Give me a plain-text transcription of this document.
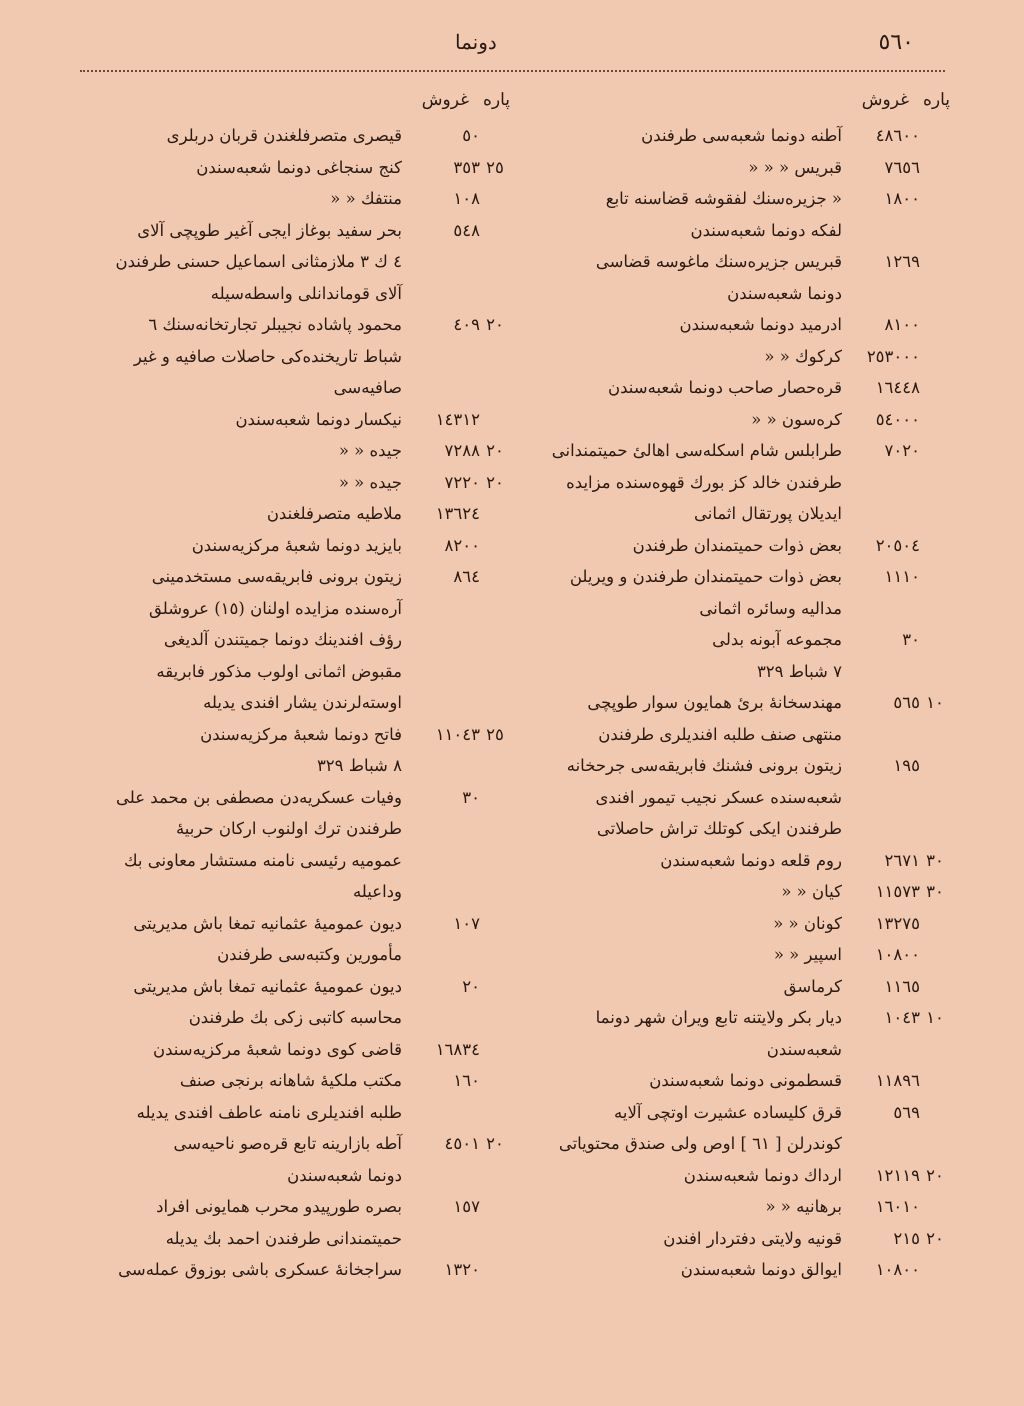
٥٦٠
دونما
پاره
غروش
٤٨٦٠٠آطنه دونما شعبه‌سی طرفندن
٧٦٥٦قبریس « « «
١٨٠٠« جزیره‌سنك لفقوشه قضاسنه تابع
لفكه دونما شعبه‌سندن
١٢٦٩قبریس جزیره‌سنك ماغوسه قضاسی
دونما شعبه‌سندن
٨١٠٠ادرمید دونما شعبه‌سندن
٢٥٣٠٠٠كركوك « «
١٦٤٤٨قره‌حصار صاحب دونما شعبه‌سندن
٥٤٠٠٠كره‌سون « «
٧٠٢٠طرابلس شام اسكله‌سی اهالیٔ حمیتمندانی
طرفندن خالد كز بورك قهوه‌سنده مزایده
ایدیلان پورتقال اثمانی
٢٠٥٠٤بعض ذوات حمیتمندان طرفندن
١١١٠بعض ذوات حمیتمندان طرفندن و ویریلن
مدالیه وسائره اثمانی
٣٠مجموعه آبونه بدلی
٧ شباط ٣٢٩
١٠٥٦٥مهندسخانهٔ بریٔ همایون سوار طوپچی
منتهی صنف طلبه افندیلری طرفندن
١٩٥زیتون برونی فشنك فابریقه‌سی جرحخانه
شعبه‌سنده عسكر نجیب تیمور افندی
طرفندن ایكی كوتلك تراش حاصلاتی
٣٠٢٦٧١روم قلعه دونما شعبه‌سندن
٣٠١١٥٧٣كیان « «
١٣٢٧٥كونان « «
١٠٨٠٠اسپیر « «
١١٦٥كرماسق
١٠١٠٤٣دیار بكر ولایتنه تابع ویران شهر دونما
شعبه‌سندن
١١٨٩٦قسطمونی دونما شعبه‌سندن
٥٦٩قرق كلیساده عشیرت اوتچی آلایه
كوندرلن [ ٦١ ] اوص ولی صندق محتویاتی
٢٠١٢١١٩ارداك دونما شعبه‌سندن
١٦٠١٠برهانیه « «
٢٠٢١٥قونیه ولایتی دفتردار افندن
١٠٨٠٠ایوالق دونما شعبه‌سندن
پاره
غروش
٥٠قیصری متصرفلغندن قربان دربلری
٢٥٣٥٣كنج سنجاغی دونما شعبه‌سندن
١٠٨منتفك « «
٥٤٨بحر سفید بوغاز ایجی آغیر طوپچی آلای
٤ ك ٣ ملازمثانی اسماعیل حسنی طرفندن
آلای قوماندانلی واسطه‌سیله
٢٠٤٠٩محمود پاشاده نجیبلر تجارتخانه‌سنك ٦
شباط تاریخنده‌كی حاصلات صافیه و غیر
صافیه‌سی
١٤٣١٢نیكسار دونما شعبه‌سندن
٢٠٧٢٨٨جیده « «
٢٠٧٢٢٠جیده « «
١٣٦٢٤ملاطیه متصرفلغندن
٨٢٠٠بایزید دونما شعبهٔ مركزیه‌سندن
٨٦٤زیتون برونی فابریقه‌سی مستخدمینی
آره‌سنده مزایده اولنان (١٥) عروشلق
رؤف افندینك دونما جمیتندن آلدیغی
مقبوض اثمانی اولوب مذكور فابریقه
اوسته‌لرندن یشار افندی یدیله
٢٥١١٠٤٣فاتح دونما شعبهٔ مركزیه‌سندن
٨ شباط ٣٢٩
٣٠وفیات عسكریه‌دن مصطفی بن محمد علی
طرفندن ترك اولنوب اركان حربیهٔ
عمومیه رئیسی نامنه مستشار معاونی بك
وداعیله
١٠٧دیون عمومیهٔ عثمانیه تمغا باش مدیریتی
مأمورین وكتبه‌سی طرفندن
٢٠دیون عمومیهٔ عثمانیه تمغا باش مدیریتی
محاسبه كاتبی زكی بك طرفندن
١٦٨٣٤قاضی كوی دونما شعبهٔ مركزیه‌سندن
١٦٠مكتب ملكیهٔ شاهانه برنجی صنف
طلبه افندیلری نامنه عاطف افندی یدیله
٢٠٤٥٠١آطه بازارینه تابع قره‌صو ناحیه‌سی
دونما شعبه‌سندن
١٥٧بصره طورپیدو محرب همایونی افراد
حمیتمندانی طرفندن احمد بك یدیله
١٣٢٠سراجخانهٔ عسكری باشی بوزوق عمله‌سی
